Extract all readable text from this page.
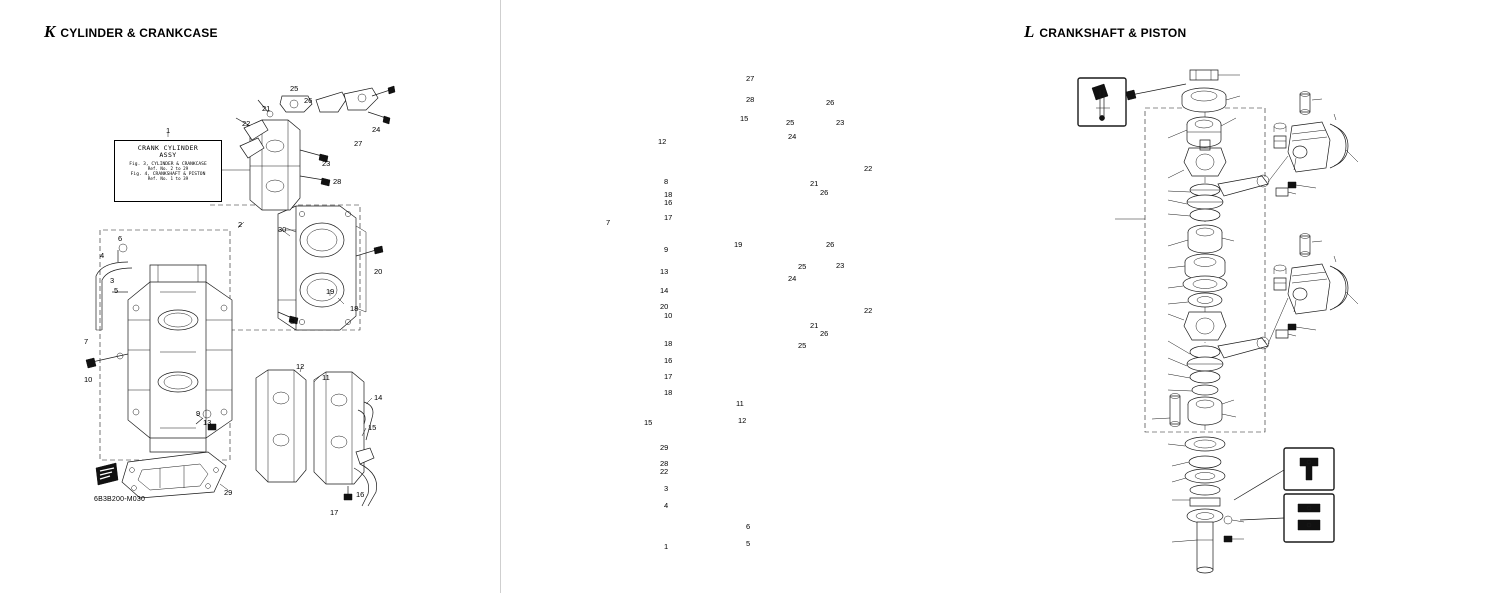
K CYLINDER & CRANKCASE
CRANK CYLINDER
ASSY
Fig. 3, CYLINDER & CRANKCASE
Ref. No. 2 to 29
Fig. 4, CRANKSHAFT & PISTON
Ref. No. 1 to 39
6B3B200-M030
1
2
3
4
5
6
7
8
9
10	11
12
13
14
15
16
17
18
19
20
21
22
23
24
25
26
27
28
29
30
L CRANKSHAFT & PISTON
1
2
3
4
5
6
7
8
9
10
11
12
13
14
15
16
17
18
19
20
21
22
23
24
25
26
27
28
29
18
16
17
18
15	12
25
25
24
23
26
26
26
21
22
28
2
